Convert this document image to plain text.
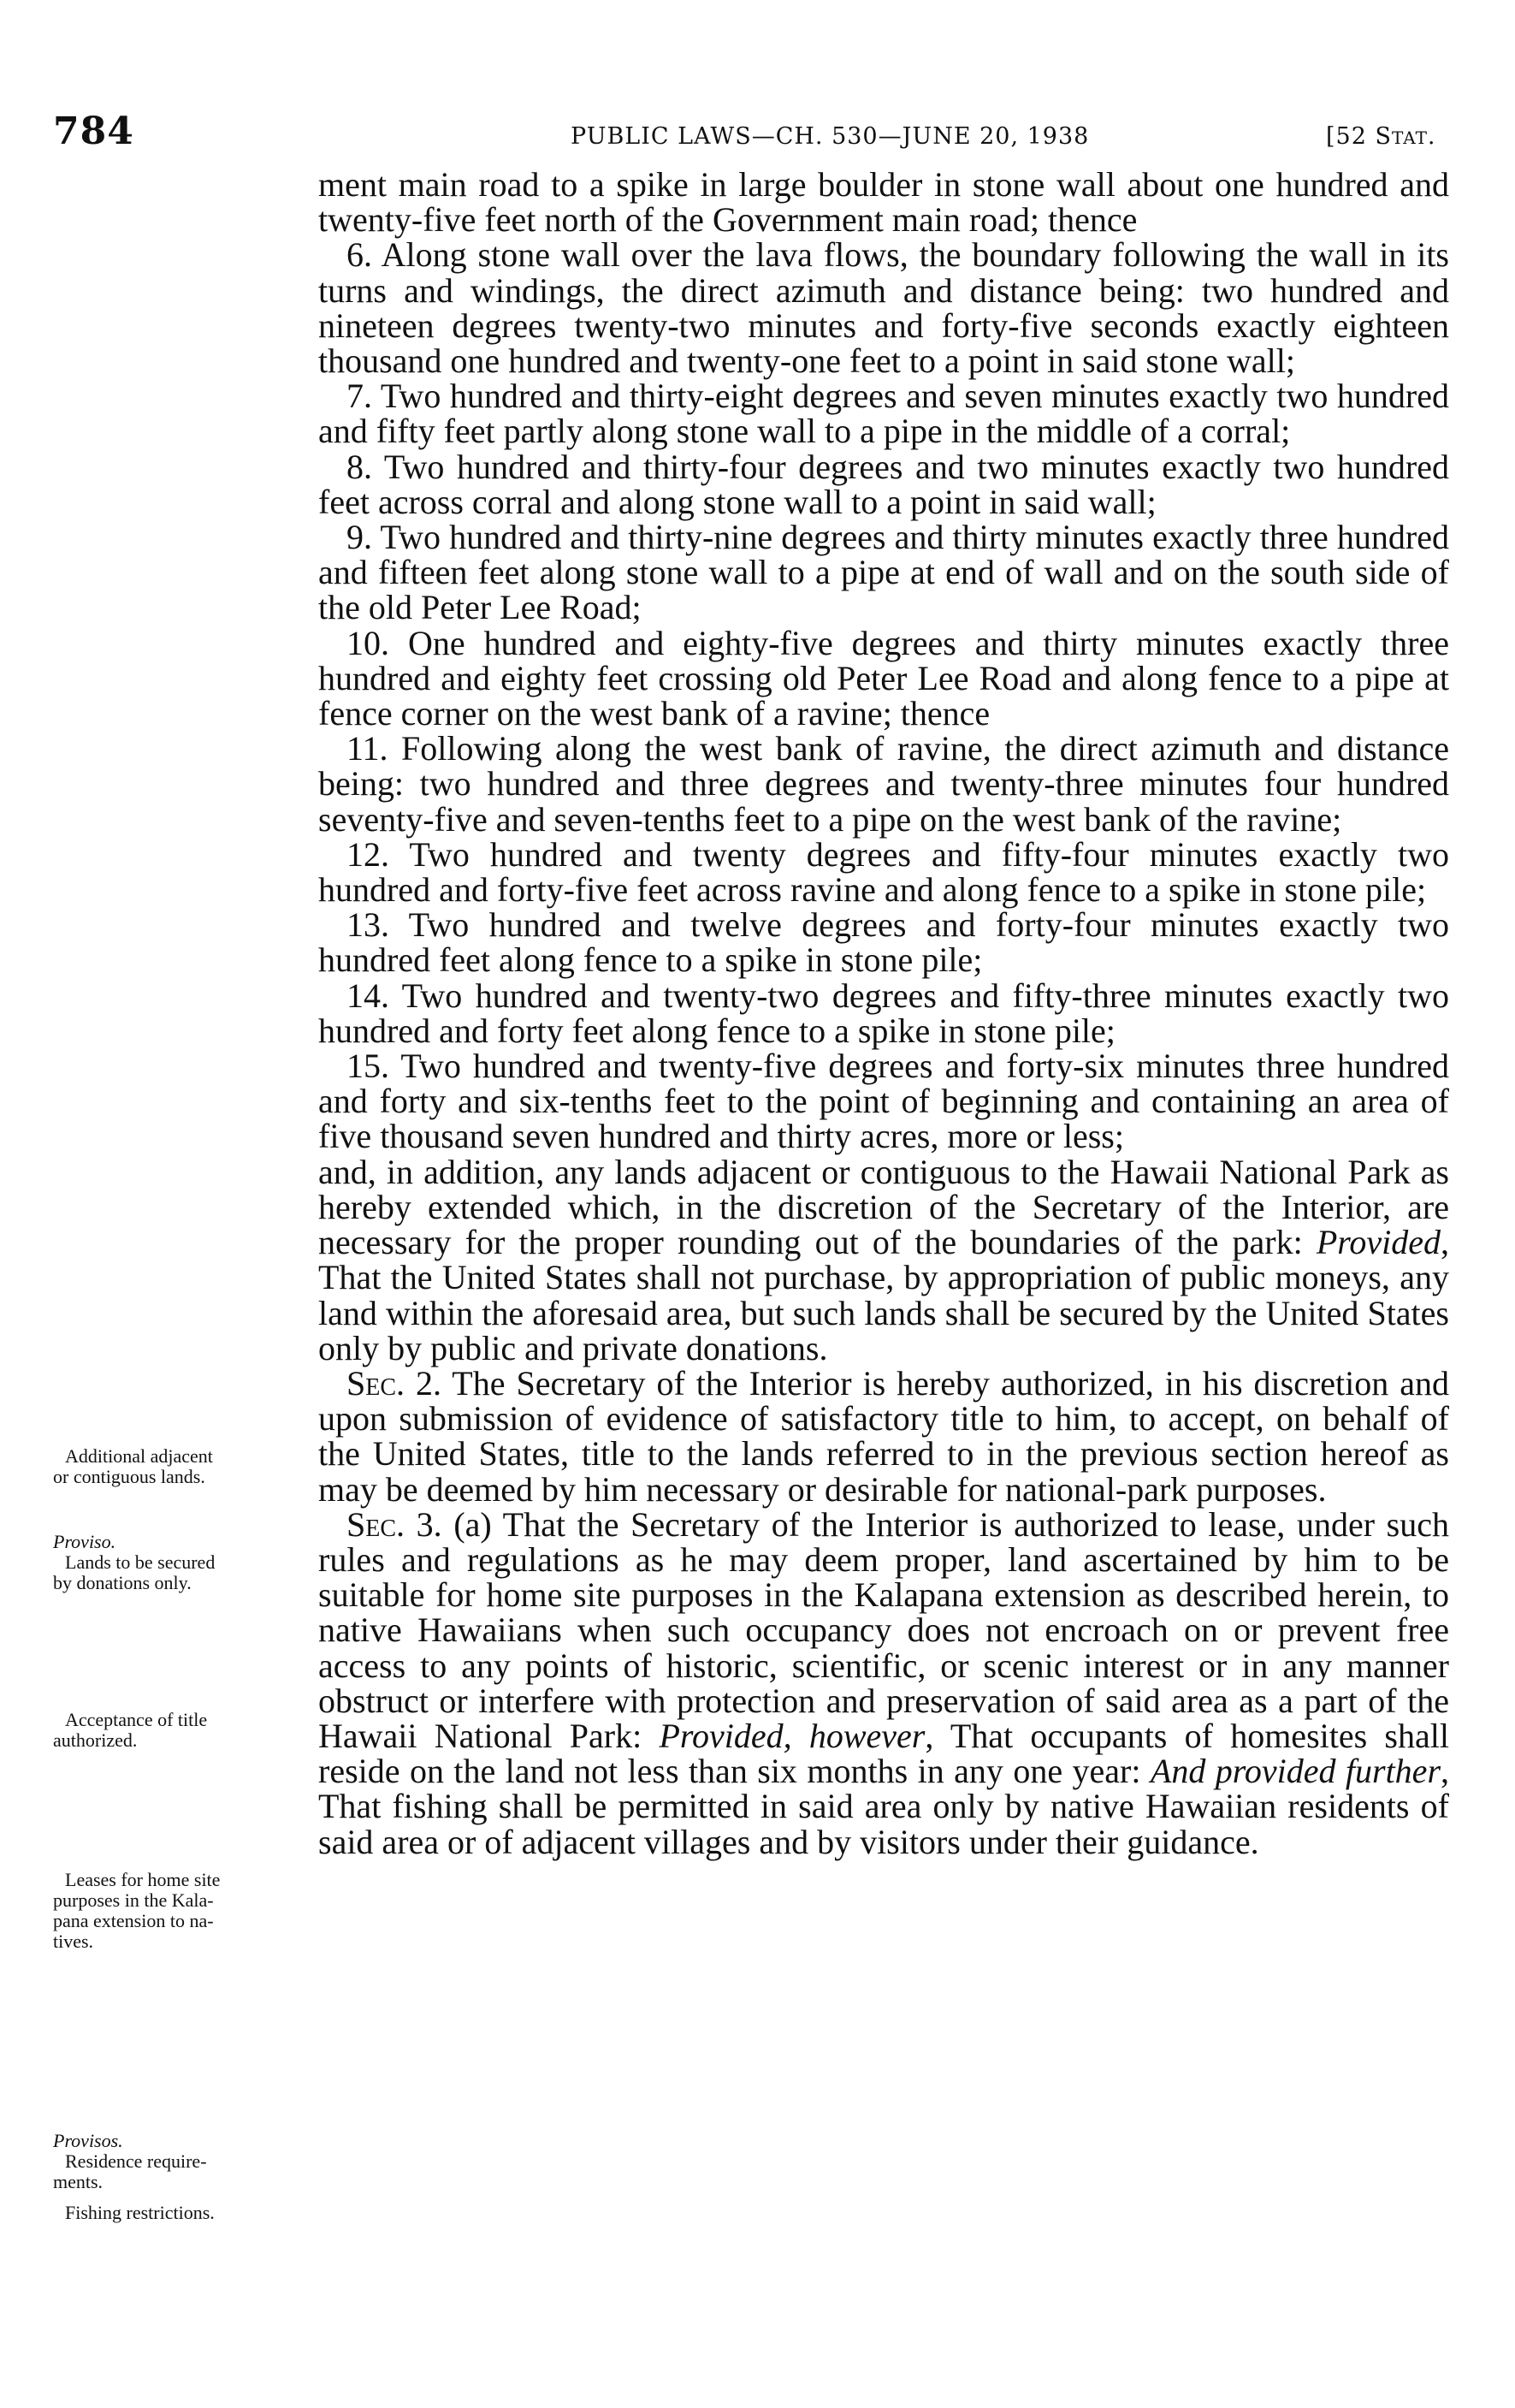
784	PUBLIC LAWS—CH. 530—JUNE 20, 1938	[52 STAT.

ment main road to a spike in large boulder in stone wall about one hundred and twenty-five feet north of the Government main road; thence

6. Along stone wall over the lava flows, the boundary following the wall in its turns and windings, the direct azimuth and distance being: two hundred and nineteen degrees twenty-two minutes and forty-five seconds exactly eighteen thousand one hundred and twenty-one feet to a point in said stone wall;

7. Two hundred and thirty-eight degrees and seven minutes exactly two hundred and fifty feet partly along stone wall to a pipe in the middle of a corral;

8. Two hundred and thirty-four degrees and two minutes exactly two hundred feet across corral and along stone wall to a point in said wall;

9. Two hundred and thirty-nine degrees and thirty minutes exactly three hundred and fifteen feet along stone wall to a pipe at end of wall and on the south side of the old Peter Lee Road;

10. One hundred and eighty-five degrees and thirty minutes exactly three hundred and eighty feet crossing old Peter Lee Road and along fence to a pipe at fence corner on the west bank of a ravine; thence

11. Following along the west bank of ravine, the direct azimuth and distance being: two hundred and three degrees and twenty-three minutes four hundred seventy-five and seven-tenths feet to a pipe on the west bank of the ravine;

12. Two hundred and twenty degrees and fifty-four minutes exactly two hundred and forty-five feet across ravine and along fence to a spike in stone pile;

13. Two hundred and twelve degrees and forty-four minutes exactly two hundred feet along fence to a spike in stone pile;

14. Two hundred and twenty-two degrees and fifty-three minutes exactly two hundred and forty feet along fence to a spike in stone pile;

15. Two hundred and twenty-five degrees and forty-six minutes three hundred and forty and six-tenths feet to the point of beginning and containing an area of five thousand seven hundred and thirty acres, more or less;

and, in addition, any lands adjacent or contiguous to the Hawaii National Park as hereby extended which, in the discretion of the Secretary of the Interior, are necessary for the proper rounding out of the boundaries of the park: Provided, That the United States shall not purchase, by appropriation of public moneys, any land within the aforesaid area, but such lands shall be secured by the United States only by public and private donations.

Sec. 2. The Secretary of the Interior is hereby authorized, in his discretion and upon submission of evidence of satisfactory title to him, to accept, on behalf of the United States, title to the lands referred to in the previous section hereof as may be deemed by him necessary or desirable for national-park purposes.

Sec. 3. (a) That the Secretary of the Interior is authorized to lease, under such rules and regulations as he may deem proper, land ascertained by him to be suitable for home site purposes in the Kalapana extension as described herein, to native Hawaiians when such occupancy does not encroach on or prevent free access to any points of historic, scientific, or scenic interest or in any manner obstruct or interfere with protection and preservation of said area as a part of the Hawaii National Park: Provided, however, That occupants of homesites shall reside on the land not less than six months in any one year: And provided further, That fishing shall be permitted in said area only by native Hawaiian residents of said area or of adjacent villages and by visitors under their guidance.

Additional adjacent
or contiguous lands.
Proviso.
Lands to be secured
by donations only.
Acceptance of title
authorized.
Leases for home site
purposes in the Kala-
pana extension to na-
tives.
Provisos.
Residence require-
ments.
Fishing restrictions.
